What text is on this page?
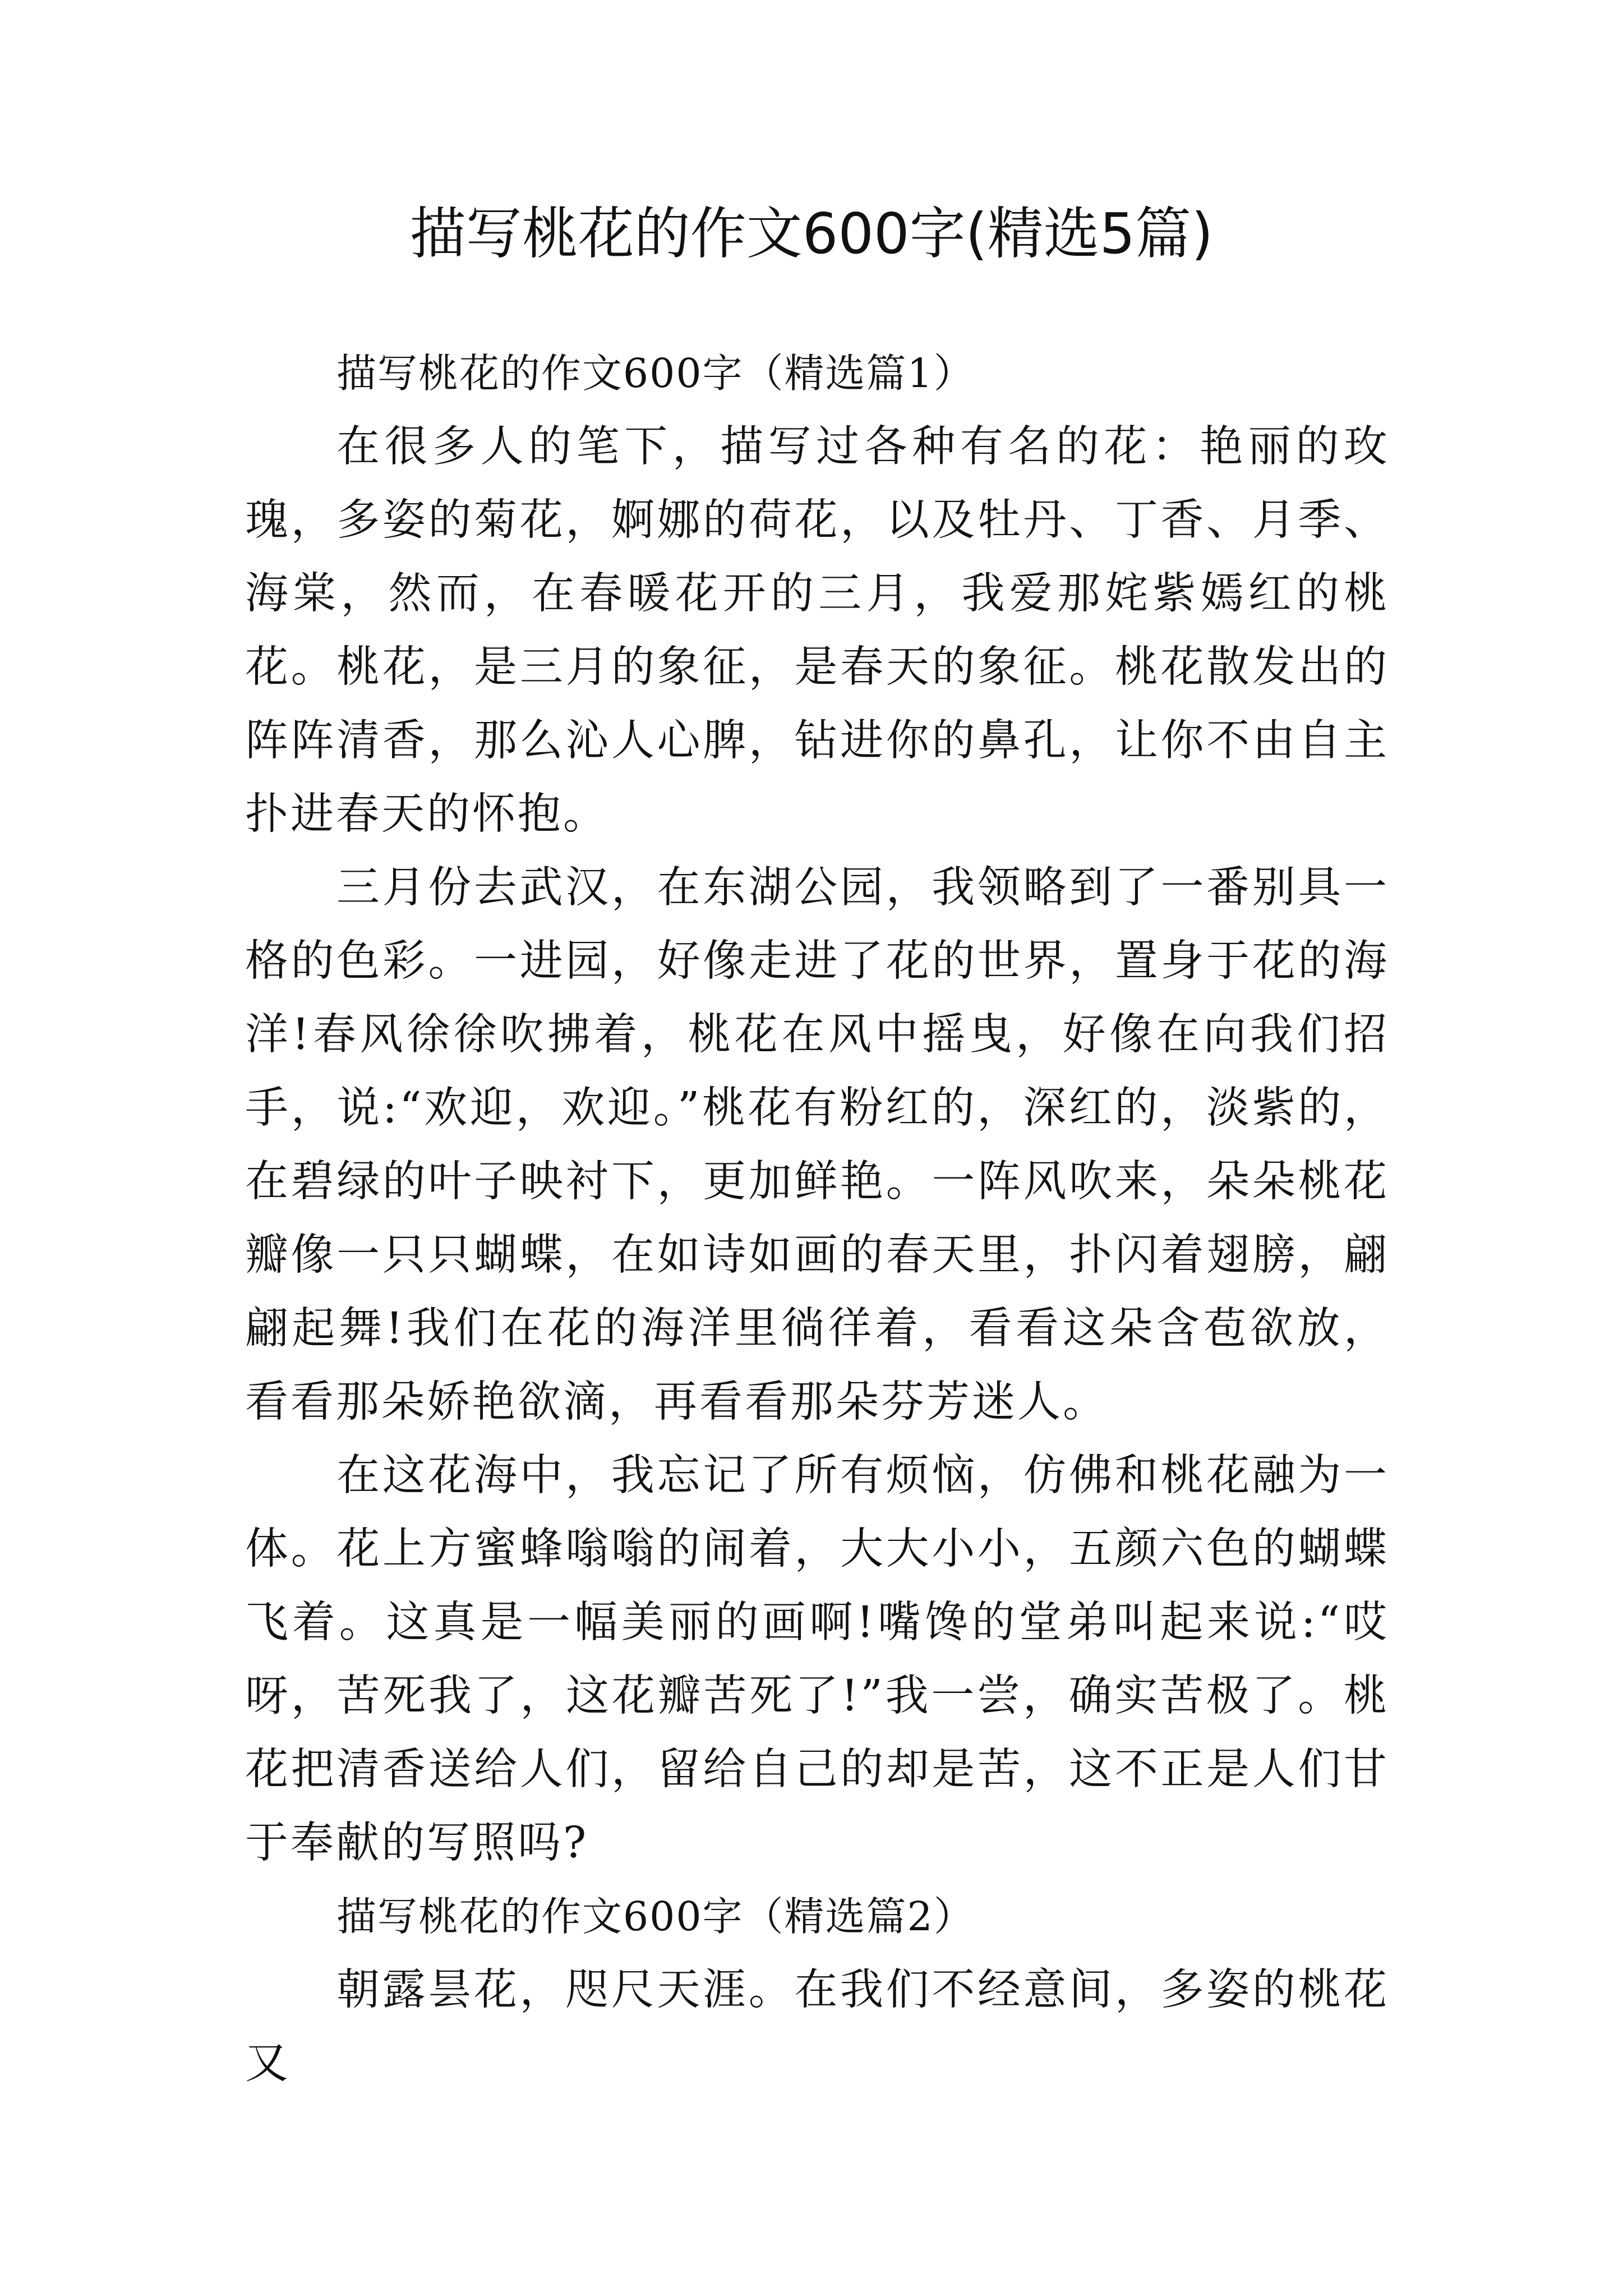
描写桃花的作文600字(精选5篇)

描写桃花的作文600字（精选篇1）

在很多人的笔下，描写过各种有名的花：艳丽的玫瑰，多姿的菊花，婀娜的荷花，以及牡丹、丁香、月季、海棠，然而，在春暖花开的三月，我爱那姹紫嫣红的桃花。桃花，是三月的象征，是春天的象征。桃花散发出的阵阵清香，那么沁人心脾，钻进你的鼻孔，让你不由自主扑进春天的怀抱。

三月份去武汉，在东湖公园，我领略到了一番别具一格的色彩。一进园，好像走进了花的世界，置身于花的海洋!春风徐徐吹拂着，桃花在风中摇曳，好像在向我们招手，说:“欢迎，欢迎。”桃花有粉红的，深红的，淡紫的，在碧绿的叶子映衬下，更加鲜艳。一阵风吹来，朵朵桃花瓣像一只只蝴蝶，在如诗如画的春天里，扑闪着翅膀，翩翩起舞!我们在花的海洋里徜徉着，看看这朵含苞欲放，看看那朵娇艳欲滴，再看看那朵芬芳迷人。

在这花海中，我忘记了所有烦恼，仿佛和桃花融为一体。花上方蜜蜂嗡嗡的闹着，大大小小，五颜六色的蝴蝶飞着。这真是一幅美丽的画啊!嘴馋的堂弟叫起来说:“哎呀，苦死我了，这花瓣苦死了!”我一尝，确实苦极了。桃花把清香送给人们，留给自己的却是苦，这不正是人们甘于奉献的写照吗?

描写桃花的作文600字（精选篇2）

朝露昙花，咫尺天涯。在我们不经意间，多姿的桃花又
